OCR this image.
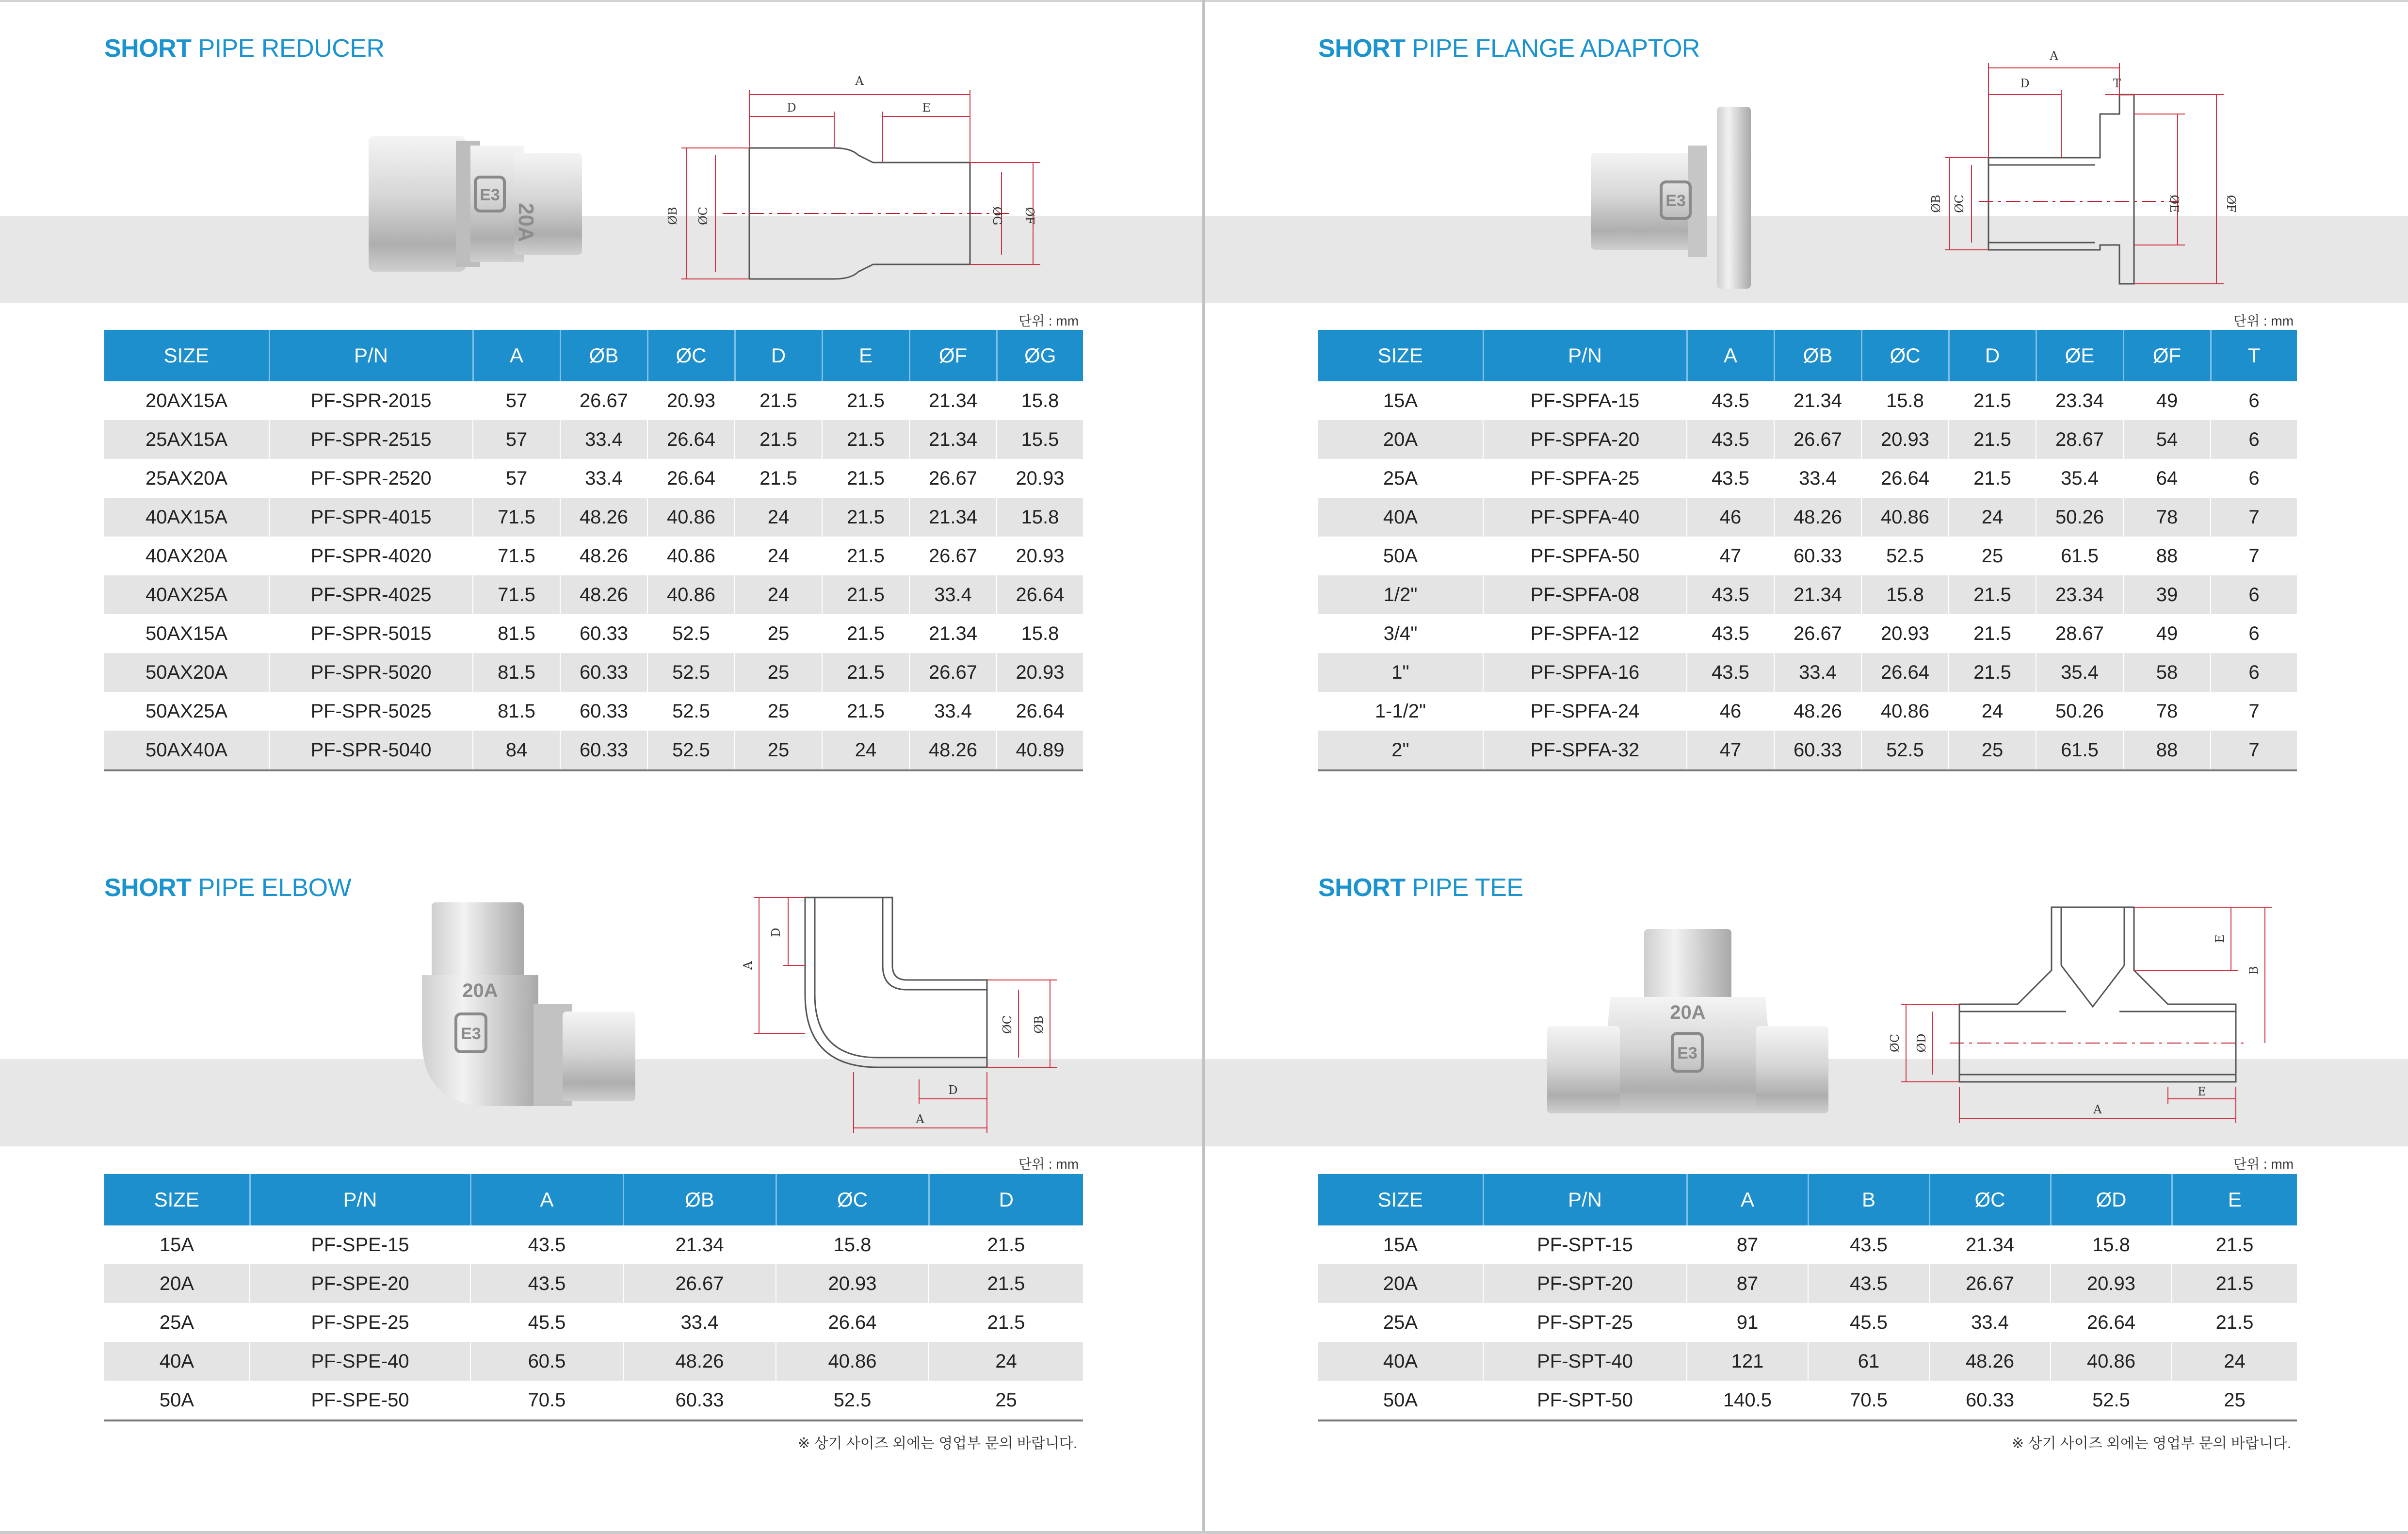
SHORT PIPE REDUCER
E3
20A
A
D	E
ØB ØC	ØG ØF
단위 : mm
SIZE	P/N	A	ØB	ØC	D	E	ØF	ØG
20AX15A	PF-SPR-2015	57	26.67	20.93	21.5	21.5	21.34	15.8
25AX15A	PF-SPR-2515	57	33.4	26.64	21.5	21.5	21.34	15.5
25AX20A	PF-SPR-2520	57	33.4	26.64	21.5	21.5	26.67	20.93
40AX15A	PF-SPR-4015	71.5	48.26	40.86	24	21.5	21.34	15.8
40AX20A	PF-SPR-4020	71.5	48.26	40.86	24	21.5	26.67	20.93
40AX25A	PF-SPR-4025	71.5	48.26	40.86	24	21.5	33.4	26.64
50AX15A	PF-SPR-5015	81.5	60.33	52.5	25	21.5	21.34	15.8
50AX20A	PF-SPR-5020	81.5	60.33	52.5	25	21.5	26.67	20.93
50AX25A	PF-SPR-5025	81.5	60.33	52.5	25	21.5	33.4	26.64
50AX40A	PF-SPR-5040	84	60.33	52.5	25	24	48.26	40.89
SHORT PIPE FLANGE ADAPTOR
E3
A
D	T
ØB ØC	ØE	ØF
단위 : mm
SIZE	P/N	A	ØB	ØC	D	ØE	ØF	T
15A	PF-SPFA-15	43.5	21.34	15.8	21.5	23.34	49	6
20A	PF-SPFA-20	43.5	26.67	20.93	21.5	28.67	54	6
25A	PF-SPFA-25	43.5	33.4	26.64	21.5	35.4	64	6
40A	PF-SPFA-40	46	48.26	40.86	24	50.26	78	7
50A	PF-SPFA-50	47	60.33	52.5	25	61.5	88	7
1/2"	PF-SPFA-08	43.5	21.34	15.8	21.5	23.34	39	6
3/4"	PF-SPFA-12	43.5	26.67	20.93	21.5	28.67	49	6
1"	PF-SPFA-16	43.5	33.4	26.64	21.5	35.4	58	6
1-1/2"	PF-SPFA-24	46	48.26	40.86	24	50.26	78	7
2"	PF-SPFA-32	47	60.33	52.5	25	61.5	88	7
SHORT PIPE ELBOW
20A
E3
A
D
ØC ØB
D
A
단위 : mm
SIZE	P/N	A	ØB	ØC	D
15A	PF-SPE-15	43.5	21.34	15.8	21.5
20A	PF-SPE-20	43.5	26.67	20.93	21.5
25A	PF-SPE-25	45.5	33.4	26.64	21.5
40A	PF-SPE-40	60.5	48.26	40.86	24
50A	PF-SPE-50	70.5	60.33	52.5	25
※ 상기 사이즈 외에는 영업부 문의 바랍니다.
SHORT PIPE TEE
20A
E3
ØC ØD
E
B
A
E
단위 : mm
SIZE	P/N	A	B	ØC	ØD	E
15A	PF-SPT-15	87	43.5	21.34	15.8	21.5
20A	PF-SPT-20	87	43.5	26.67	20.93	21.5
25A	PF-SPT-25	91	45.5	33.4	26.64	21.5
40A	PF-SPT-40	121	61	48.26	40.86	24
50A	PF-SPT-50	140.5	70.5	60.33	52.5	25
※ 상기 사이즈 외에는 영업부 문의 바랍니다.
